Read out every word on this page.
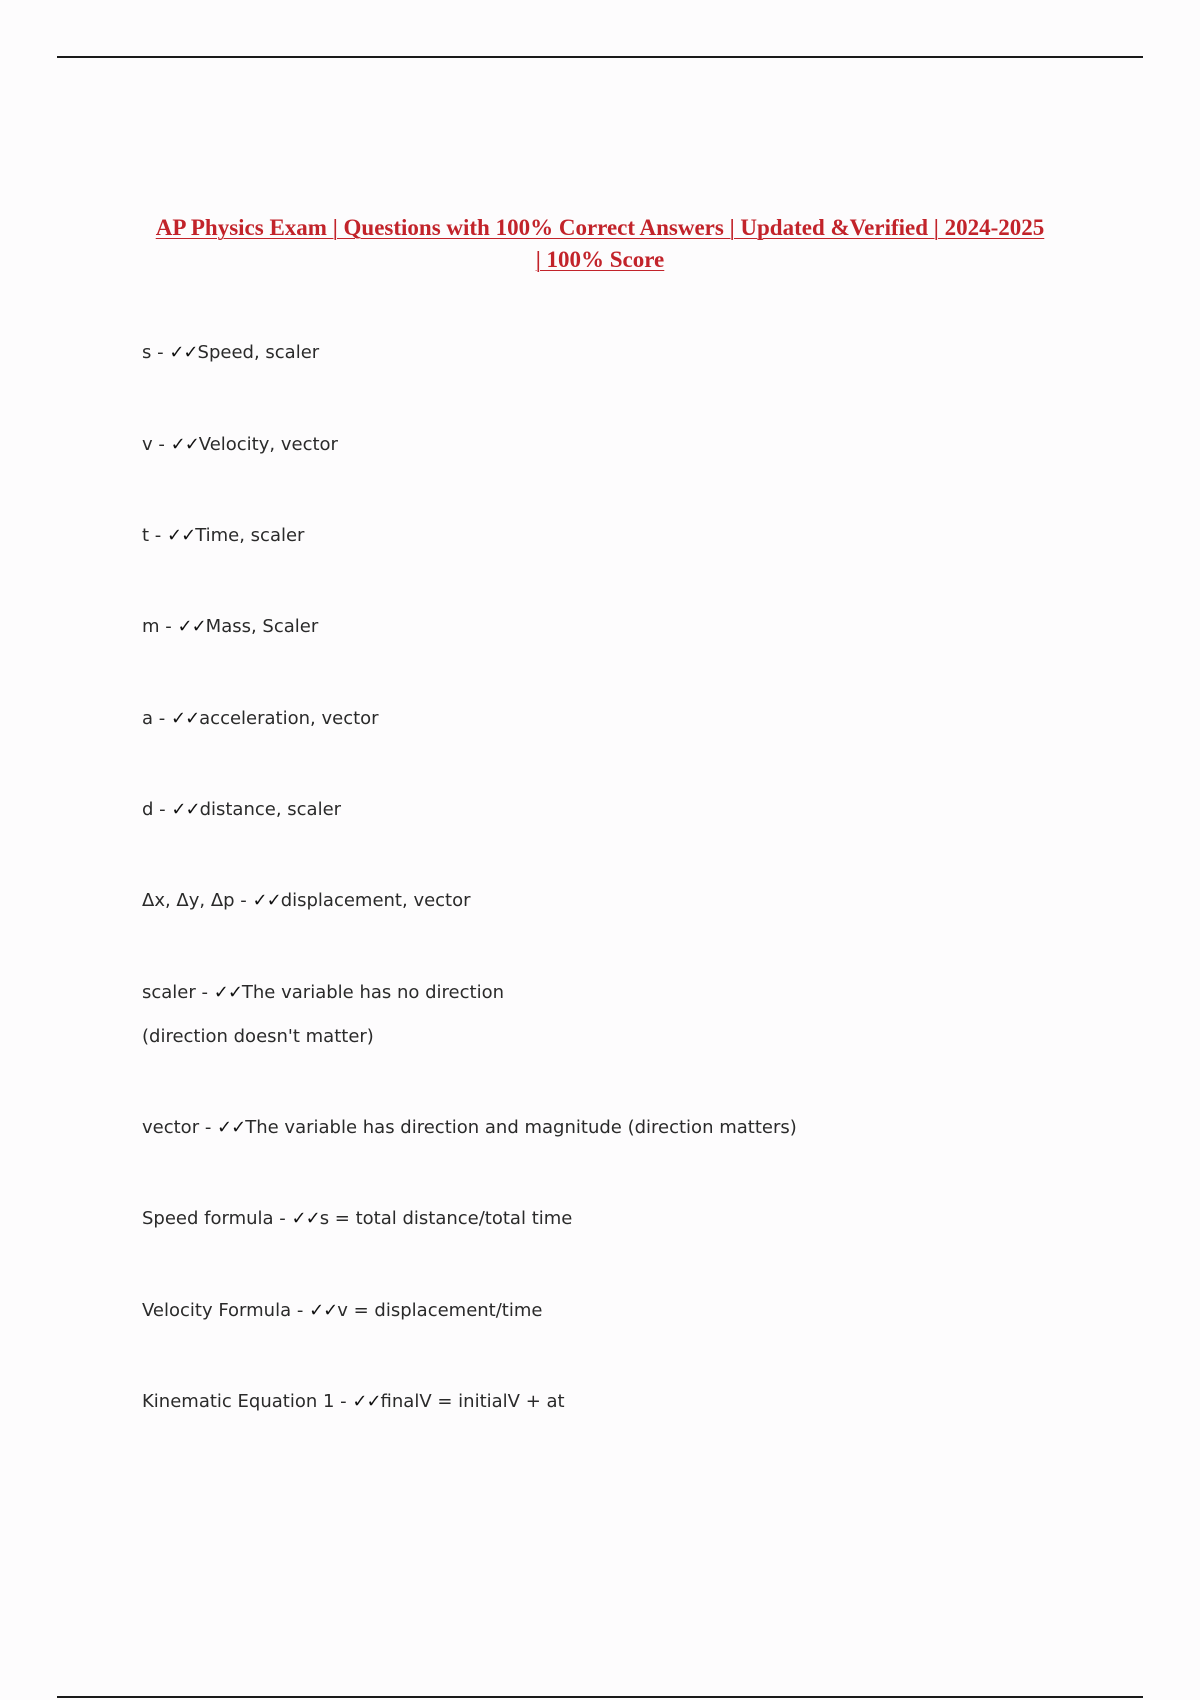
AP Physics Exam | Questions with 100% Correct Answers | Updated &Verified | 2024-2025
| 100% Score
s - ✓✓Speed, scaler
v - ✓✓Velocity, vector
t - ✓✓Time, scaler
m - ✓✓Mass, Scaler
a - ✓✓acceleration, vector
d - ✓✓distance, scaler
Δx, Δy, Δp - ✓✓displacement, vector
scaler - ✓✓The variable has no direction
(direction doesn't matter)
vector - ✓✓The variable has direction and magnitude (direction matters)
Speed formula - ✓✓s = total distance/total time
Velocity Formula - ✓✓v = displacement/time
Kinematic Equation 1 - ✓✓finalV = initialV + at
